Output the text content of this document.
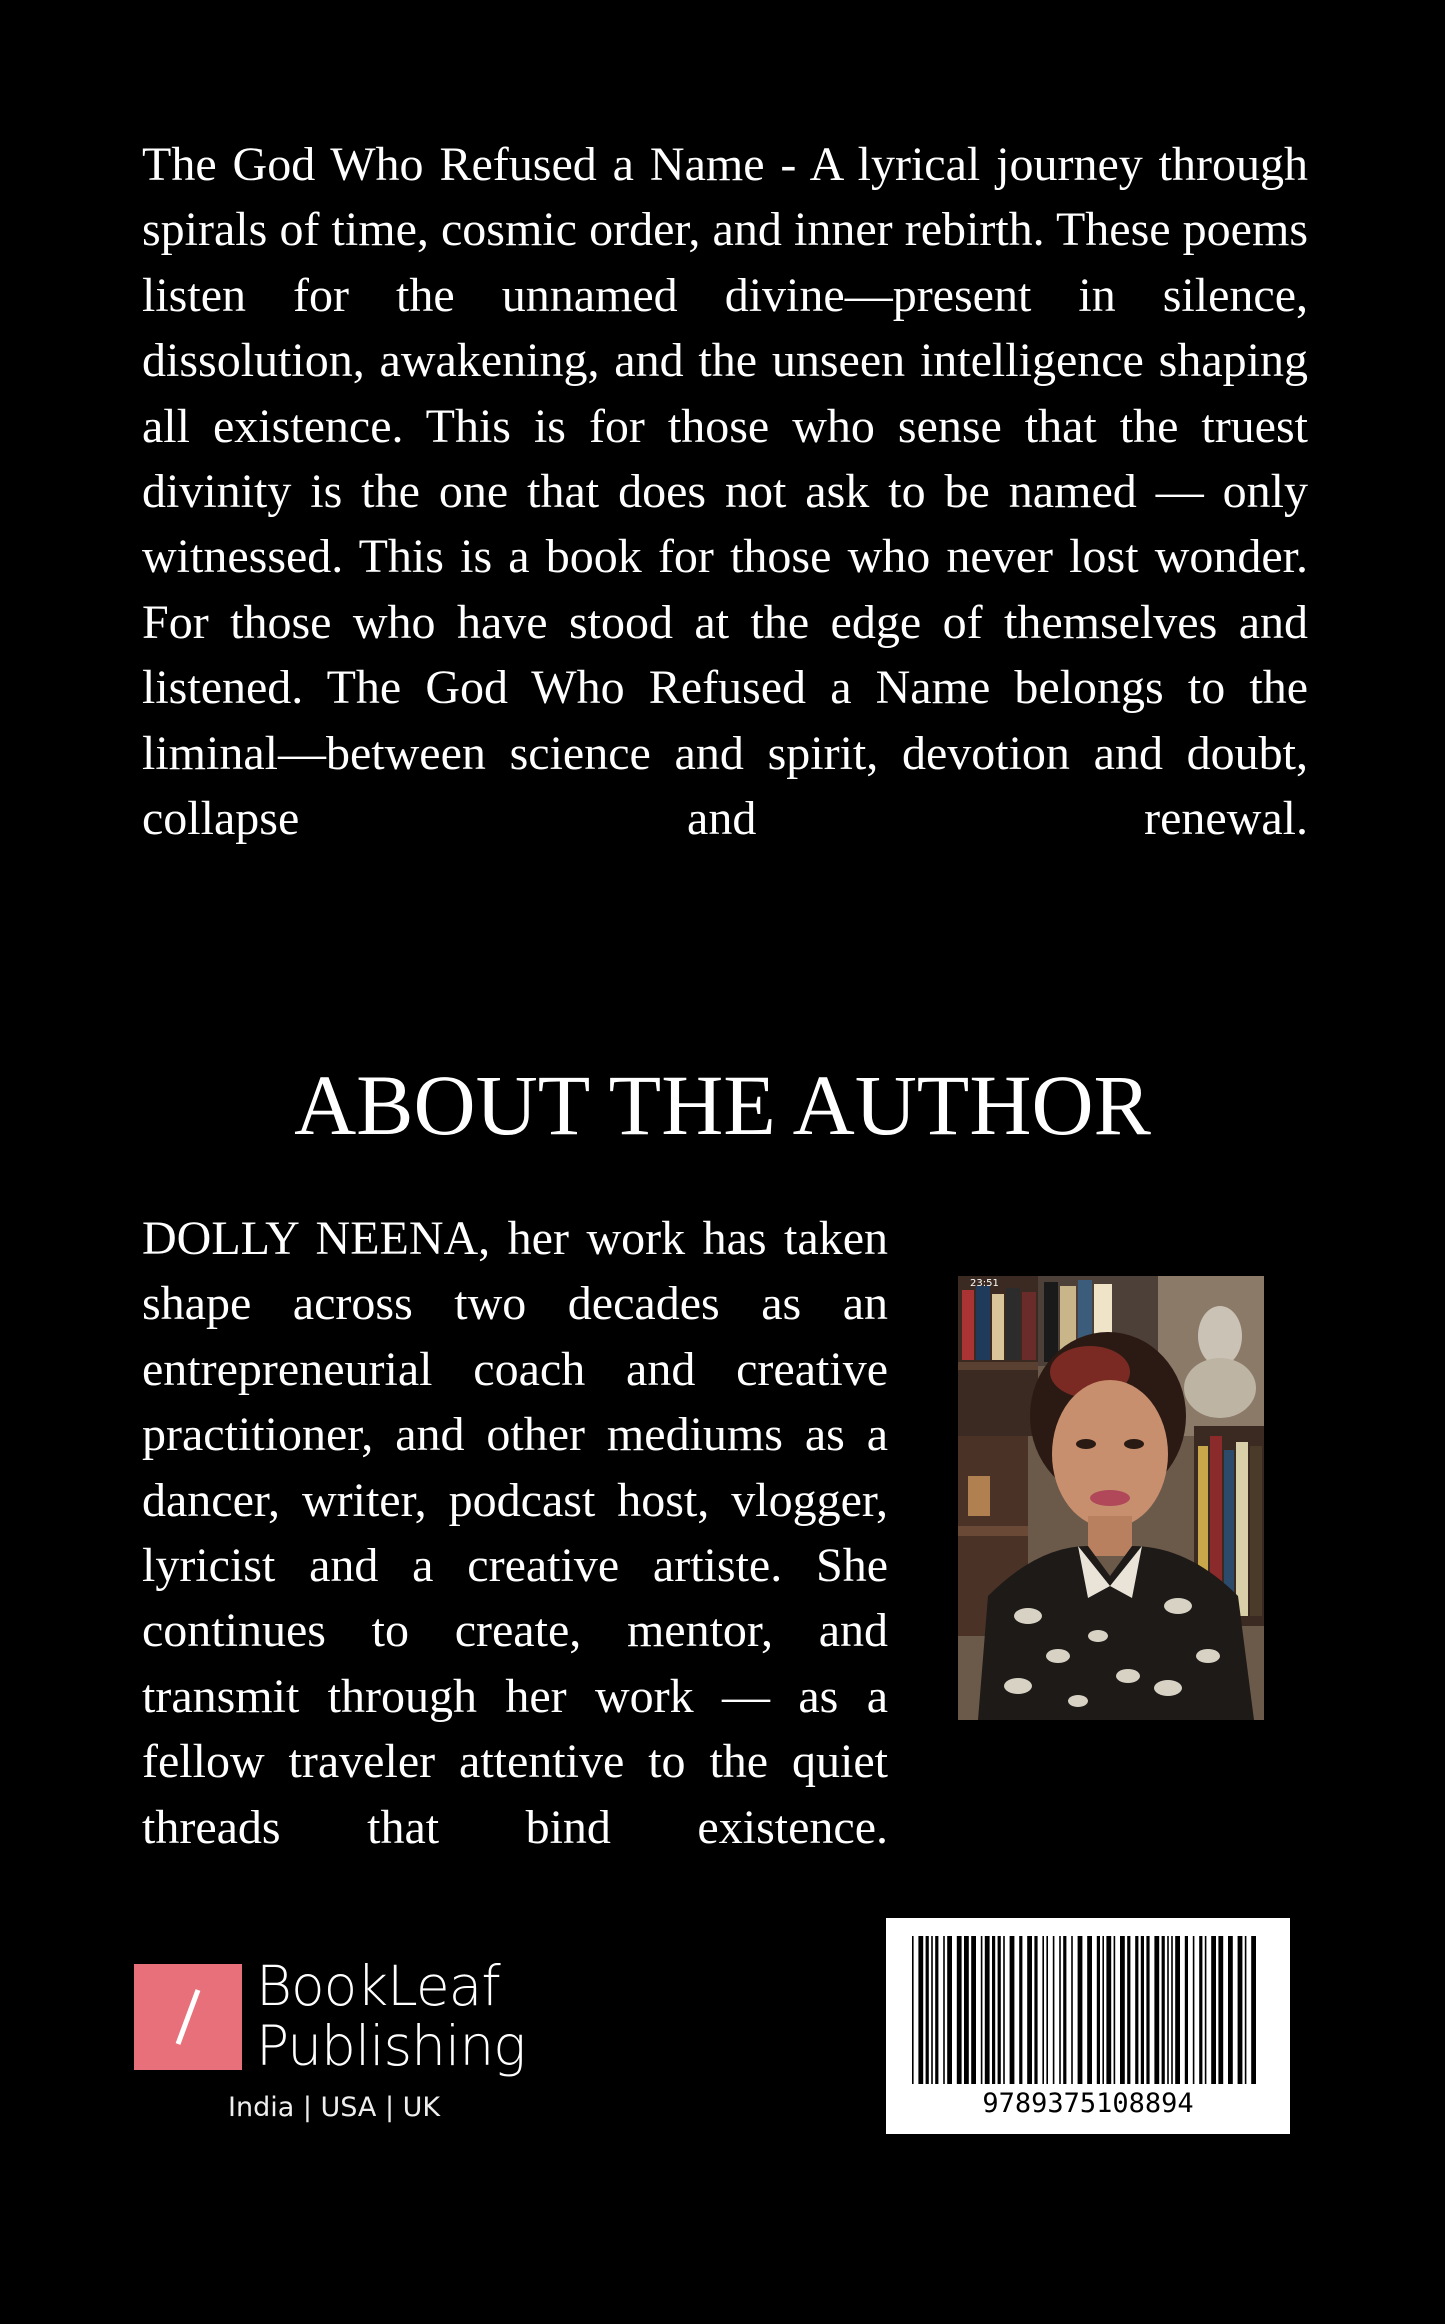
The God Who Refused a Name - A lyrical journey through spirals of time, cosmic order, and inner rebirth. These poems listen for the unnamed divine—present in silence, dissolution, awakening, and the unseen intelligence shaping all existence. This is for those who sense that the truest divinity is the one that does not ask to be named — only witnessed. This is a book for those who never lost wonder. For those who have stood at the edge of themselves and listened. The God Who Refused a Name belongs to the liminal—between science and spirit, devotion and doubt, collapse and renewal.

ABOUT THE AUTHOR

DOLLY NEENA, her work has taken shape across two decades as an entrepreneurial coach and creative practitioner, and other mediums as a dancer, writer, podcast host, vlogger, lyricist and a creative artiste. She continues to create, mentor, and transmit through her work — as a fellow traveler attentive to the quiet threads that bind existence.

23:51
BookLeaf
Publishing
India | USA | UK	9789375108894
